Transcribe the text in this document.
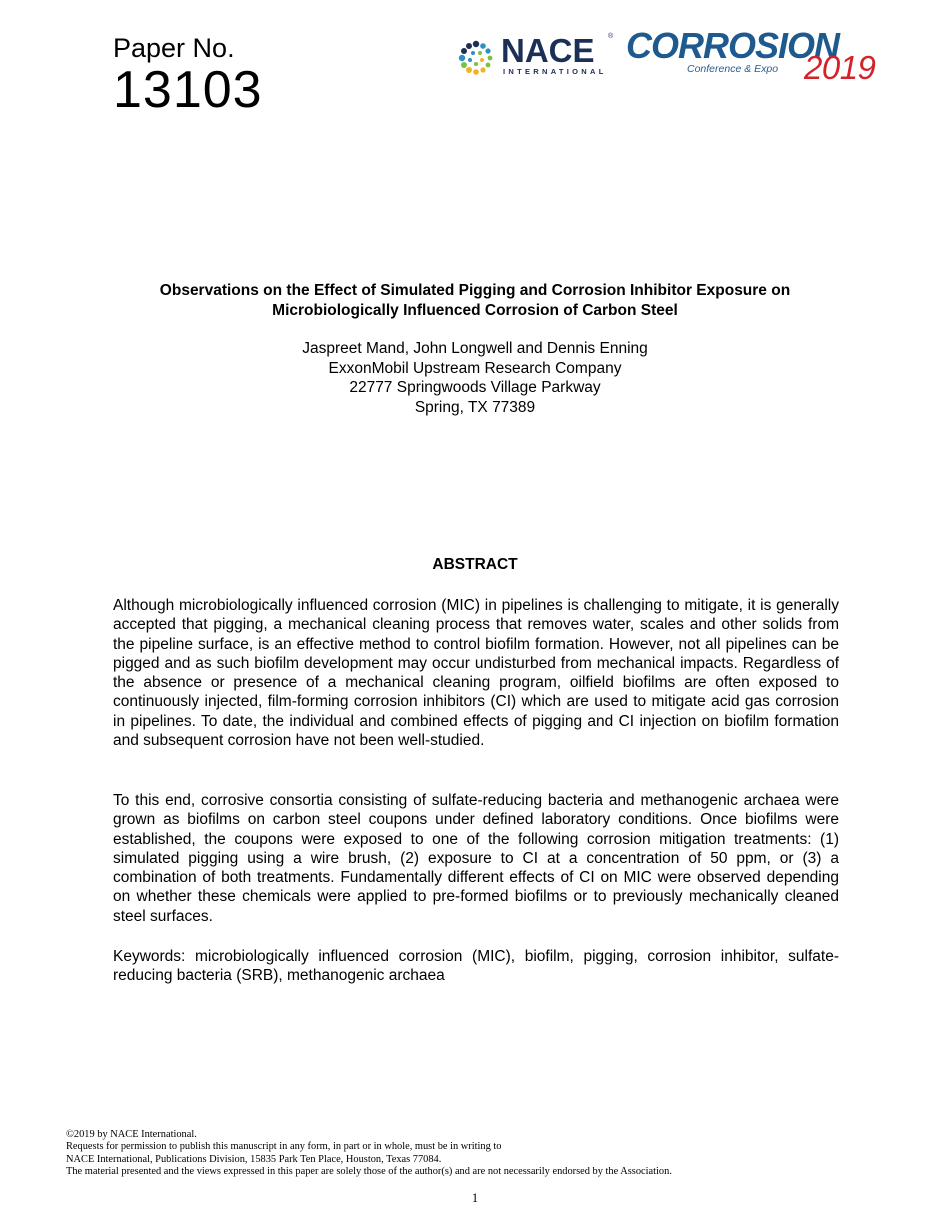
Paper No.
13103
NACE ®
INTERNATIONAL
CORROSION
Conference & Expo 2019
Observations on the Effect of Simulated Pigging and Corrosion Inhibitor Exposure on
Microbiologically Influenced Corrosion of Carbon Steel
Jaspreet Mand, John Longwell and Dennis Enning
ExxonMobil Upstream Research Company
22777 Springwoods Village Parkway
Spring, TX 77389
ABSTRACT

Although microbiologically influenced corrosion (MIC) in pipelines is challenging to mitigate, it is generally accepted that pigging, a mechanical cleaning process that removes water, scales and other solids from the pipeline surface, is an effective method to control biofilm formation. However, not all pipelines can be pigged and as such biofilm development may occur undisturbed from mechanical impacts. Regardless of the absence or presence of a mechanical cleaning program, oilfield biofilms are often exposed to continuously injected, film-forming corrosion inhibitors (CI) which are used to mitigate acid gas corrosion in pipelines. To date, the individual and combined effects of pigging and CI injection on biofilm formation and subsequent corrosion have not been well-studied.

To this end, corrosive consortia consisting of sulfate-reducing bacteria and methanogenic archaea were grown as biofilms on carbon steel coupons under defined laboratory conditions. Once biofilms were established, the coupons were exposed to one of the following corrosion mitigation treatments: (1) simulated pigging using a wire brush, (2) exposure to CI at a concentration of 50 ppm, or (3) a combination of both treatments. Fundamentally different effects of CI on MIC were observed depending on whether these chemicals were applied to pre-formed biofilms or to previously mechanically cleaned steel surfaces.

Keywords: microbiologically influenced corrosion (MIC), biofilm, pigging, corrosion inhibitor, sulfate-reducing bacteria (SRB), methanogenic archaea

©2019 by NACE International.
Requests for permission to publish this manuscript in any form, in part or in whole, must be in writing to
NACE International, Publications Division, 15835 Park Ten Place, Houston, Texas 77084.
The material presented and the views expressed in this paper are solely those of the author(s) and are not necessarily endorsed by the Association.
1
